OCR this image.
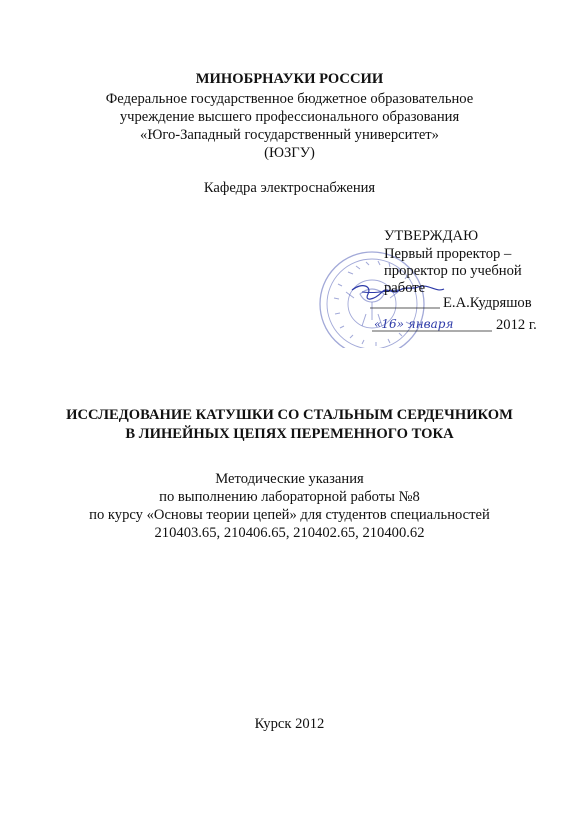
МИНОБРНАУКИ РОССИИ
Федеральное государственное бюджетное образовательное
учреждение высшего профессионального образования
«Юго-Западный государственный университет»
(ЮЗГУ)
Кафедра электроснабжения
УТВЕРЖДАЮ
Первый проректор –
проректор по учебной
работе
Е.А.Кудряшов
«16» января	2012 г.
ИССЛЕДОВАНИЕ КАТУШКИ СО СТАЛЬНЫМ СЕРДЕЧНИКОМ
В ЛИНЕЙНЫХ ЦЕПЯХ ПЕРЕМЕННОГО ТОКА
Методические указания
по выполнению лабораторной работы №8
по курсу «Основы теории цепей» для студентов специальностей
210403.65, 210406.65, 210402.65, 210400.62
Курск 2012
